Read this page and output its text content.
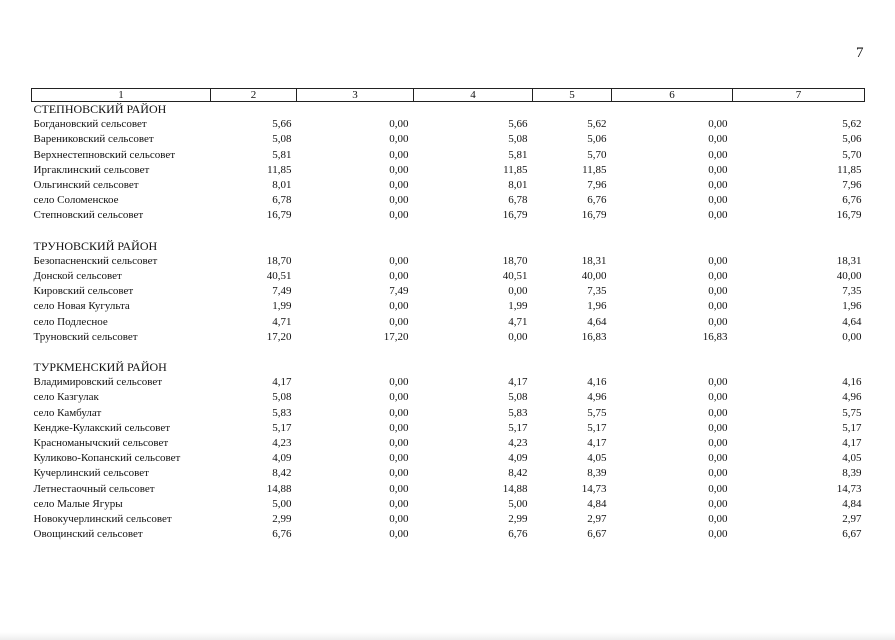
7
1	2	3	4	5	6	7
СТЕПНОВСКИЙ РАЙОН						
Богдановский сельсовет	5,66	0,00	5,66	5,62	0,00	5,62
Варениковский сельсовет	5,08	0,00	5,08	5,06	0,00	5,06
Верхнестепновский сельсовет	5,81	0,00	5,81	5,70	0,00	5,70
Иргаклинский сельсовет	11,85	0,00	11,85	11,85	0,00	11,85
Ольгинский сельсовет	8,01	0,00	8,01	7,96	0,00	7,96
село Соломенское	6,78	0,00	6,78	6,76	0,00	6,76
Степновский сельсовет	16,79	0,00	16,79	16,79	0,00	16,79

ТРУНОВСКИЙ РАЙОН						
Безопасненский сельсовет	18,70	0,00	18,70	18,31	0,00	18,31
Донской сельсовет	40,51	0,00	40,51	40,00	0,00	40,00
Кировский сельсовет	7,49	7,49	0,00	7,35	0,00	7,35
село Новая Кугульта	1,99	0,00	1,99	1,96	0,00	1,96
село Подлесное	4,71	0,00	4,71	4,64	0,00	4,64
Труновский сельсовет	17,20	17,20	0,00	16,83	16,83	0,00

ТУРКМЕНСКИЙ РАЙОН						
Владимировский сельсовет	4,17	0,00	4,17	4,16	0,00	4,16
село Казгулак	5,08	0,00	5,08	4,96	0,00	4,96
село Камбулат	5,83	0,00	5,83	5,75	0,00	5,75
Кендже-Кулакский сельсовет	5,17	0,00	5,17	5,17	0,00	5,17
Красноманычский сельсовет	4,23	0,00	4,23	4,17	0,00	4,17
Куликово-Копанский сельсовет	4,09	0,00	4,09	4,05	0,00	4,05
Кучерлинский сельсовет	8,42	0,00	8,42	8,39	0,00	8,39
Летнестаочный сельсовет	14,88	0,00	14,88	14,73	0,00	14,73
село Малые Ягуры	5,00	0,00	5,00	4,84	0,00	4,84
Новокучерлинский сельсовет	2,99	0,00	2,99	2,97	0,00	2,97
Овощинский сельсовет	6,76	0,00	6,76	6,67	0,00	6,67
